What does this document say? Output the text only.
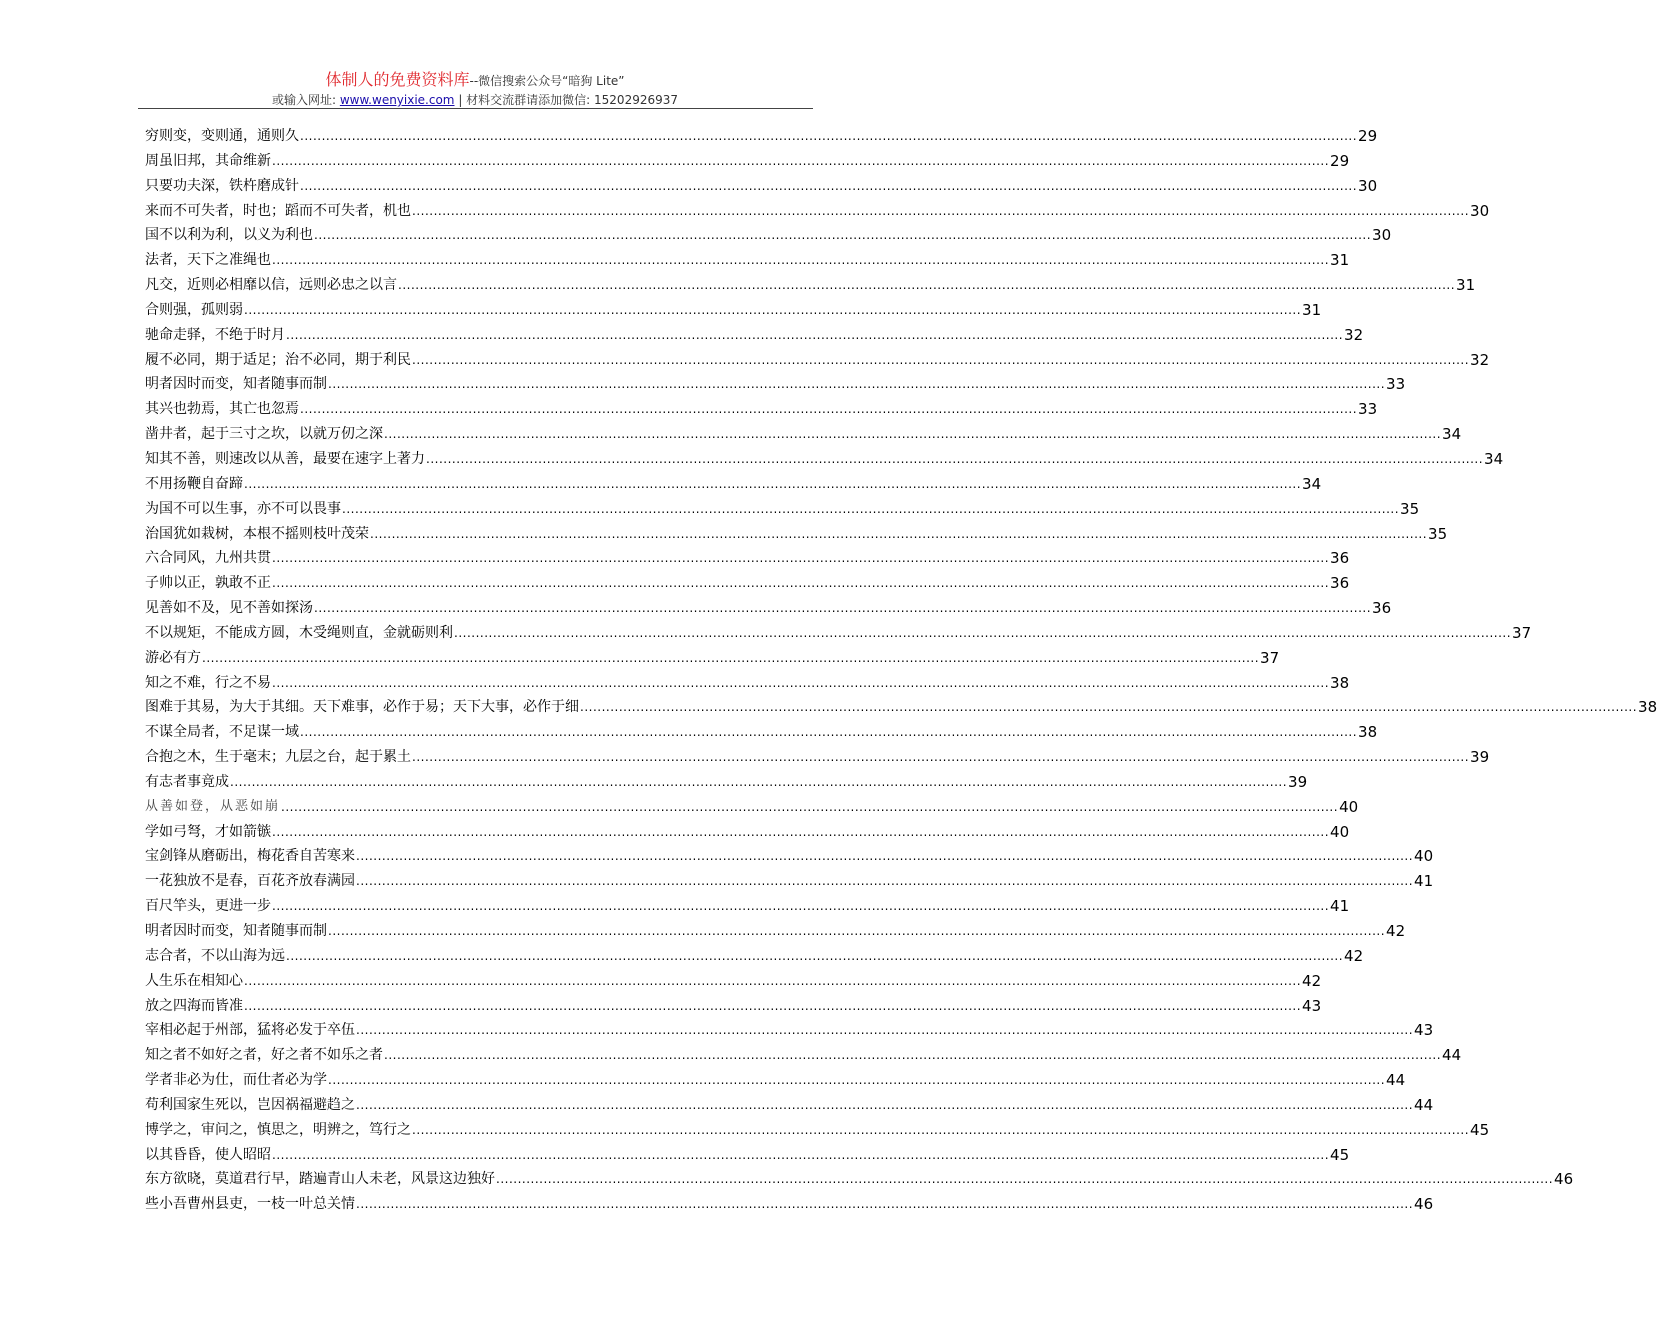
体制人的免费资料库--微信搜索公众号“暗狗 Lite”
或输入网址: www.wenyixie.com | 材料交流群请添加微信: 15202926937
穷则变，变则通，通则久 .....	29
周虽旧邦，其命维新 .....	29
只要功夫深，铁杵磨成针 .....	30
来而不可失者，时也；蹈而不可失者，机也 .....	30
国不以利为利，以义为利也 .....	30
法者，天下之准绳也 .....	31
凡交，近则必相靡以信，远则必忠之以言 .....	31
合则强，孤则弱 .....	31
驰命走驿，不绝于时月 .....	32
履不必同，期于适足；治不必同，期于利民 .....	32
明者因时而变，知者随事而制 .....	33
其兴也勃焉，其亡也忽焉 .....	33
凿井者，起于三寸之坎，以就万仞之深 .....	34
知其不善，则速改以从善，最要在速字上著力 .....	34
不用扬鞭自奋蹄 .....	34
为国不可以生事，亦不可以畏事 .....	35
治国犹如栽树，本根不摇则枝叶茂荣 .....	35
六合同风，九州共贯 .....	36
子帅以正，孰敢不正 .....	36
见善如不及，见不善如探汤 .....	36
不以规矩，不能成方圆，木受绳则直，金就砺则利 .....	37
游必有方 .....	37
知之不难，行之不易 .....	38
图难于其易，为大于其细。天下难事，必作于易；天下大事，必作于细 .....	38
不谋全局者，不足谋一域 .....	38
合抱之木，生于毫末；九层之台，起于累土 .....	39
有志者事竟成 .....	39
从善如登，从恶如崩 .....	40
学如弓弩，才如箭镞 .....	40
宝剑锋从磨砺出，梅花香自苦寒来 .....	40
一花独放不是春，百花齐放春满园 .....	41
百尺竿头，更进一步 .....	41
明者因时而变，知者随事而制 .....	42
志合者，不以山海为远 .....	42
人生乐在相知心 .....	42
放之四海而皆准 .....	43
宰相必起于州部，猛将必发于卒伍 .....	43
知之者不如好之者，好之者不如乐之者 .....	44
学者非必为仕，而仕者必为学 .....	44
苟利国家生死以，岂因祸福避趋之 .....	44
博学之，审问之，慎思之，明辨之，笃行之 .....	45
以其昏昏，使人昭昭 .....	45
东方欲晓，莫道君行早，踏遍青山人未老，风景这边独好 .....	46
些小吾曹州县吏，一枝一叶总关情 .....	46
